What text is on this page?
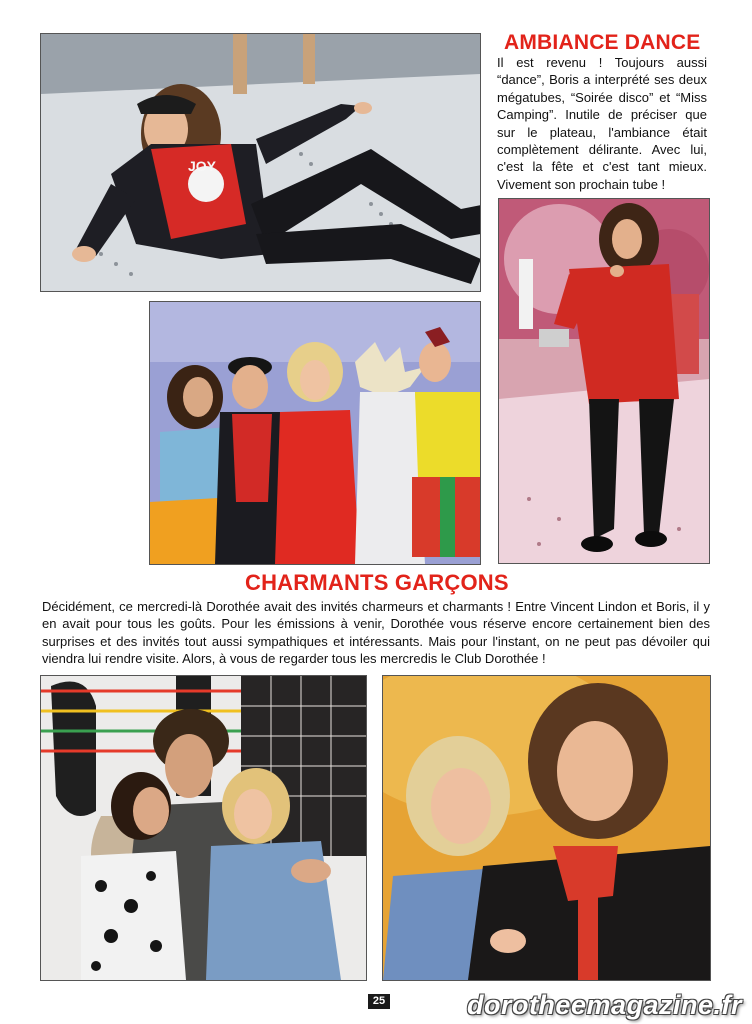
JOY
AMBIANCE DANCE

Il est revenu ! Toujours aussi “dance”, Boris a interprété ses deux mégatubes, “Soirée disco” et “Miss Camping”. Inutile de préciser que sur le plateau, l'ambiance était complètement délirante. Avec lui, c'est la fête et c'est tant mieux. Vivement son prochain tube !

CHARMANTS GARÇONS

Décidément, ce mercredi-là Dorothée avait des invités charmeurs et charmants ! Entre Vincent Lindon et Boris, il y en avait pour tous les goûts. Pour les émissions à venir, Dorothée vous réserve encore certainement bien des surprises et des invités tout aussi sympathiques et intéressants. Mais pour l'instant, on ne peut pas dévoiler qui viendra lui rendre visite. Alors, à vous de regarder tous les mercredis le Club Dorothée !

25	dorotheemagazine.fr
